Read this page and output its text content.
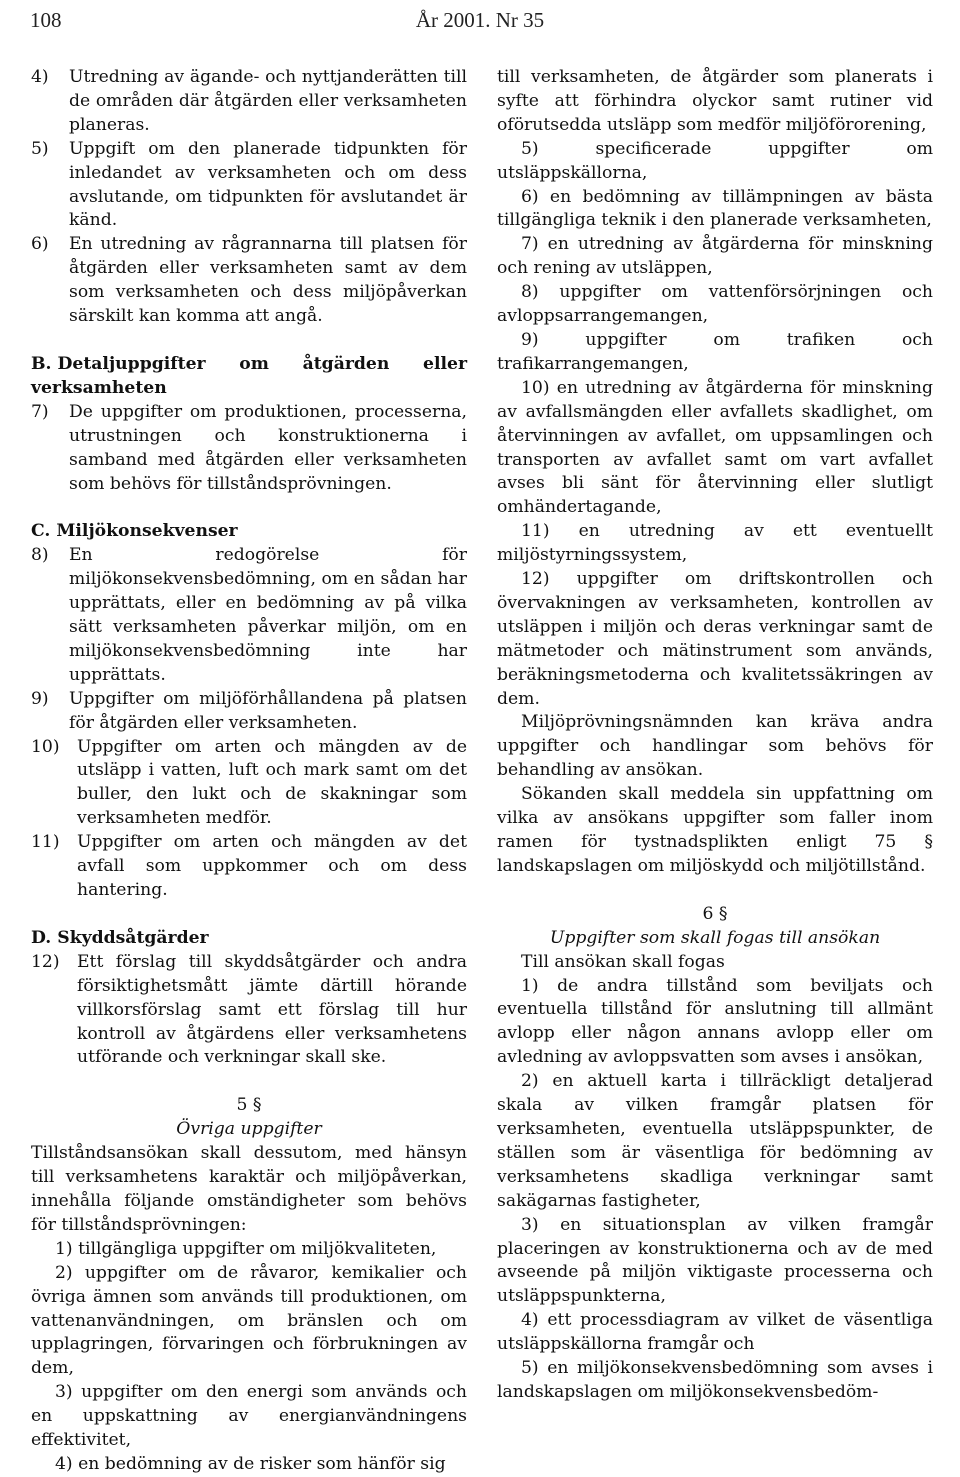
108	År 2001. Nr 35
4)	Utredning av ägande- och nyttjanderätten till de områden där åtgärden eller verksamheten planeras.
5)	Uppgift om den planerade tidpunkten för inledandet av verksamheten och om dess avslutande, om tidpunkten för avslutandet är känd.
6)	En utredning av rågrannarna till platsen för åtgärden eller verksamheten samt av dem som verksamheten och dess miljöpåverkan särskilt kan komma att angå.
B. Detaljuppgifter om åtgärden eller verksamheten
7)	De uppgifter om produktionen, processerna, utrustningen och konstruktionerna i samband med åtgärden eller verksamheten som behövs för tillståndsprövningen.
C. Miljökonsekvenser
8)	En redogörelse för miljökonsekvensbedömning, om en sådan har upprättats, eller en bedömning av på vilka sätt verksamheten påverkar miljön, om en miljökonsekvensbedömning inte har upprättats.
9)	Uppgifter om miljöförhållandena på platsen för åtgärden eller verksamheten.
10)	Uppgifter om arten och mängden av de utsläpp i vatten, luft och mark samt om det buller, den lukt och de skakningar som verksamheten medför.
11)	Uppgifter om arten och mängden av det avfall som uppkommer och om dess hantering.
D. Skyddsåtgärder
12)	Ett förslag till skyddsåtgärder och andra försiktighetsmått jämte därtill hörande villkorsförslag samt ett förslag till hur kontroll av åtgärdens eller verksamhetens utförande och verkningar skall ske.
5 §
Övriga uppgifter
Tillståndsansökan skall dessutom, med hänsyn till verksamhetens karaktär och miljöpåverkan, innehålla följande omständigheter som behövs för tillståndsprövningen:
1) tillgängliga uppgifter om miljökvaliteten,
2) uppgifter om de råvaror, kemikalier och övriga ämnen som används till produktionen, om vattenanvändningen, om bränslen och om upplagringen, förvaringen och förbrukningen av dem,
3) uppgifter om den energi som används och en uppskattning av energianvändningens effektivitet,
4) en bedömning av de risker som hänför sig
till verksamheten, de åtgärder som planerats i syfte att förhindra olyckor samt rutiner vid oförutsedda utsläpp som medför miljöförorening,
5) specificerade uppgifter om utsläppskällorna,
6) en bedömning av tillämpningen av bästa tillgängliga teknik i den planerade verksamheten,
7) en utredning av åtgärderna för minskning och rening av utsläppen,
8) uppgifter om vattenförsörjningen och avloppsarrangemangen,
9) uppgifter om trafiken och trafikarrangemangen,
10) en utredning av åtgärderna för minskning av avfallsmängden eller avfallets skadlighet, om återvinningen av avfallet, om uppsamlingen och transporten av avfallet samt om vart avfallet avses bli sänt för återvinning eller slutligt omhändertagande,
11) en utredning av ett eventuellt miljöstyrningssystem,
12) uppgifter om driftskontrollen och övervakningen av verksamheten, kontrollen av utsläppen i miljön och deras verkningar samt de mätmetoder och mätinstrument som används, beräkningsmetoderna och kvalitetssäkringen av dem.
Miljöprövningsnämnden kan kräva andra uppgifter och handlingar som behövs för behandling av ansökan.
Sökanden skall meddela sin uppfattning om vilka av ansökans uppgifter som faller inom ramen för tystnadsplikten enligt 75 § landskapslagen om miljöskydd och miljötillstånd.
6 §
Uppgifter som skall fogas till ansökan
Till ansökan skall fogas
1) de andra tillstånd som beviljats och eventuella tillstånd för anslutning till allmänt avlopp eller någon annans avlopp eller om avledning av avloppsvatten som avses i ansökan,
2) en aktuell karta i tillräckligt detaljerad skala av vilken framgår platsen för verksamheten, eventuella utsläppspunkter, de ställen som är väsentliga för bedömning av verksamhetens skadliga verkningar samt sakägarnas fastigheter,
3) en situationsplan av vilken framgår placeringen av konstruktionerna och av de med avseende på miljön viktigaste processerna och utsläppspunkterna,
4) ett processdiagram av vilket de väsentliga utsläppskällorna framgår och
5) en miljökonsekvensbedömning som avses i landskapslagen om miljökonsekvensbedöm-
